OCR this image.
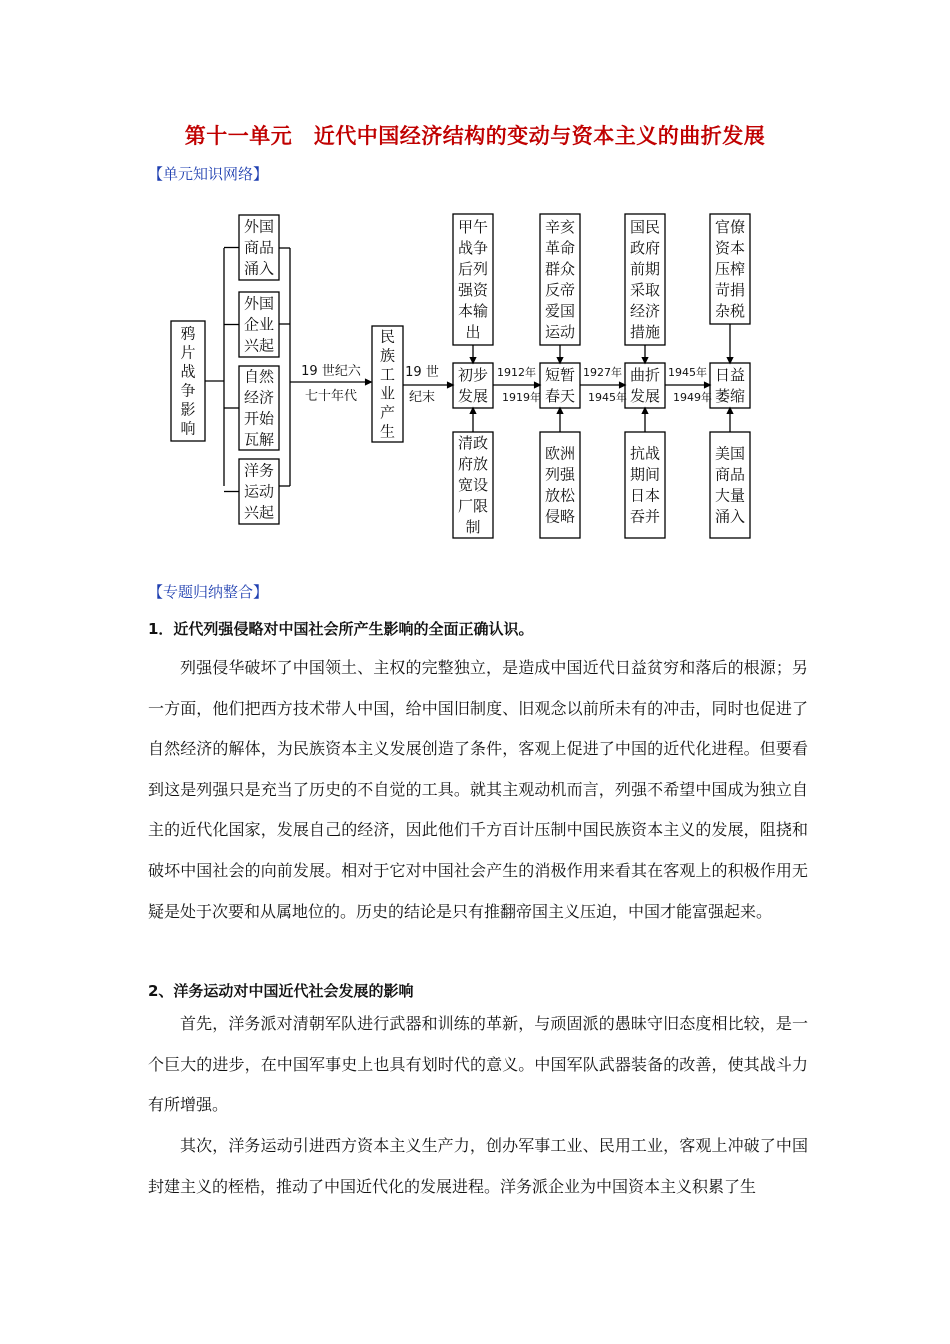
第十一单元　近代中国经济结构的变动与资本主义的曲折发展
【单元知识网络】
鸦
片
战
争
影
响
外国
商品
涌入
外国
企业
兴起
自然
经济
开始
瓦解
洋务
运动
兴起
19 世纪六
七十年代
民
族
工
业
产
生
19 世
纪末
初步
发展
短暂
春天
曲折
发展
日益
萎缩
1912年
1919年
1927年
1945年
1945年
1949年
甲午
战争
后列
强资
本输
出
辛亥
革命
群众
反帝
爱国
运动
国民
政府
前期
采取
经济
措施
官僚
资本
压榨
苛捐
杂税
清政
府放
宽设
厂限
制
欧洲
列强
放松
侵略
抗战
期间
日本
吞并
美国
商品
大量
涌入
【专题归纳整合】
1．近代列强侵略对中国社会所产生影响的全面正确认识。

列强侵华破坏了中国领土、主权的完整独立，是造成中国近代日益贫穷和落后的根源；另一方面，他们把西方技术带人中国，给中国旧制度、旧观念以前所未有的冲击，同时也促进了自然经济的解体，为民族资本主义发展创造了条件，客观上促进了中国的近代化进程。但要看到这是列强只是充当了历史的不自觉的工具。就其主观动机而言，列强不希望中国成为独立自主的近代化国家，发展自己的经济，因此他们千方百计压制中国民族资本主义的发展，阻挠和破坏中国社会的向前发展。相对于它对中国社会产生的消极作用来看其在客观上的积极作用无疑是处于次要和从属地位的。历史的结论是只有推翻帝国主义压迫，中国才能富强起来。

2、洋务运动对中国近代社会发展的影响

首先，洋务派对清朝军队进行武器和训练的革新，与顽固派的愚昧守旧态度相比较，是一个巨大的进步，在中国军事史上也具有划时代的意义。中国军队武器装备的改善，使其战斗力有所增强。

其次，洋务运动引进西方资本主义生产力，创办军事工业、民用工业，客观上冲破了中国封建主义的桎梏，推动了中国近代化的发展进程。洋务派企业为中国资本主义积累了生
